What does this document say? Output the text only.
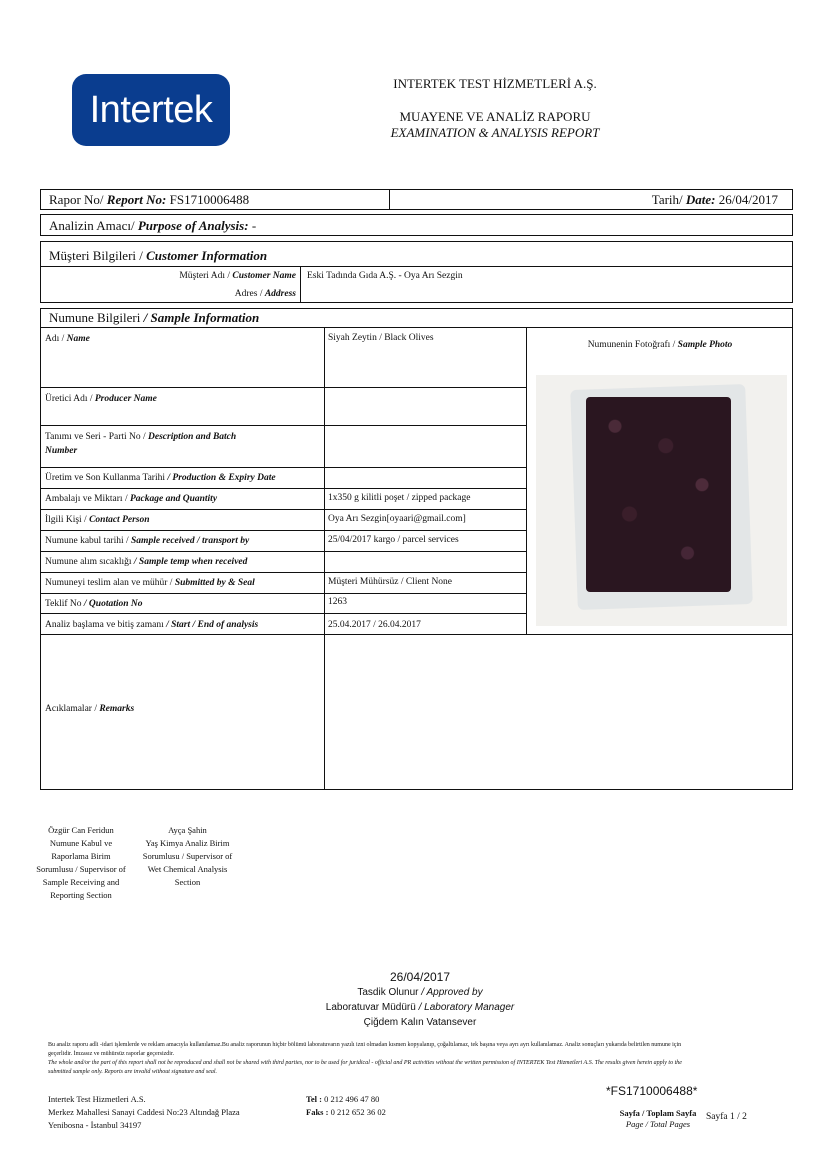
Intertek
INTERTEK TEST HİZMETLERİ A.Ş.
MUAYENE VE ANALİZ RAPORU
EXAMINATION & ANALYSIS REPORT
Rapor No/ Report No: FS1710006488	Tarih/ Date: 26/04/2017
Analizin Amacı/ Purpose of Analysis: -
Müşteri Bilgileri / Customer Information
Müşteri Adı / Customer Name Eski Tadında Gıda A.Ş. - Oya Arı Sezgin
Adres / Address
Numune Bilgileri / Sample Information
Numunenin Fotoğrafı / Sample Photo
Adı / Name	Siyah Zeytin / Black Olives
Üretici Adı / Producer Name
Tanımı ve Seri - Parti No / Description and Batch
Number
Üretim ve Son Kullanma Tarihi / Production & Expiry Date
Ambalajı ve Miktarı / Package and Quantity	1x350 g kilitli poşet / zipped package
İlgili Kişi / Contact Person	Oya Arı Sezgin[oyaari@gmail.com]
Numune kabul tarihi / Sample received / transport by	25/04/2017 kargo / parcel services
Numune alım sıcaklığı / Sample temp when received
Numuneyi teslim alan ve mühür / Submitted by & Seal	Müşteri Mühürsüz / Client None
Teklif No / Quotation No	1263
Analiz başlama ve bitiş zamanı / Start / End of analysis	25.04.2017 / 26.04.2017
Acıklamalar / Remarks
Özgür Can Feridun
Numune Kabul ve
Raporlama Birim
Sorumlusu / Supervisor of
Sample Receiving and
Reporting Section
Ayça Şahin
Yaş Kimya Analiz Birim
Sorumlusu / Supervisor of
Wet Chemical Analysis
Section
26/04/2017
Tasdik Olunur / Approved by
Laboratuvar Müdürü / Laboratory Manager
Çiğdem Kalın Vatansever
Bu analiz raporu adli -idari işlemlerde ve reklam amacıyla kullanılamaz.Bu analiz raporunun hiçbir bölümü laboratuvarın yazılı izni olmadan kısmen kopyalanıp, çoğaltılamaz, tek başına veya ayrı ayrı kullanılamaz. Analiz sonuçları yukarıda belirtilen numune için geçerlidir. İmzasız ve mühürsüz raporlar geçersizdir.
The whole and/or the part of this report shall not be reproduced and shall not be shared with third parties, nor to be used for juridical - official and PR activities without the written permission of INTERTEK Test Hizmetleri A.S. The results given herein apply to the submitted sample only. Reports are invalid without signature and seal.
Intertek Test Hizmetleri A.S.
Merkez Mahallesi Sanayi Caddesi No:23 Altındağ Plaza
Yenibosna - İstanbul 34197
Tel : 0 212 496 47 80
Faks : 0 212 652 36 02
*FS1710006488*
Sayfa / Toplam Sayfa
Page / Total Pages
Sayfa 1 / 2
